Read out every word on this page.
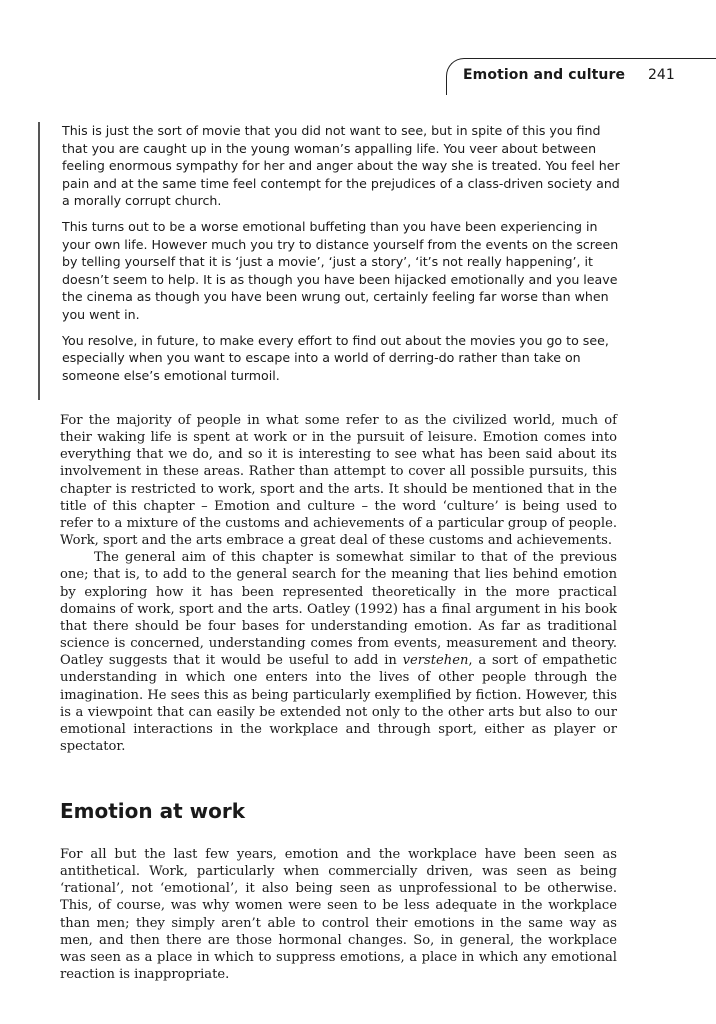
Emotion and culture 241

This is just the sort of movie that you did not want to see, but in spite of this you find that you are caught up in the young woman’s appalling life. You veer about between feeling enormous sympathy for her and anger about the way she is treated. You feel her pain and at the same time feel contempt for the prejudices of a class-driven society and a morally corrupt church.

This turns out to be a worse emotional buffeting than you have been experiencing in your own life. However much you try to distance yourself from the events on the screen by telling yourself that it is ‘just a movie’, ‘just a story’, ‘it’s not really happening’, it doesn’t seem to help. It is as though you have been hijacked emotionally and you leave the cinema as though you have been wrung out, certainly feeling far worse than when you went in.

You resolve, in future, to make every effort to find out about the movies you go to see, especially when you want to escape into a world of derring-do rather than take on someone else’s emotional turmoil.

For the majority of people in what some refer to as the civilized world, much of their waking life is spent at work or in the pursuit of leisure. Emotion comes into everything that we do, and so it is interesting to see what has been said about its involvement in these areas. Rather than attempt to cover all possible pursuits, this chapter is restricted to work, sport and the arts. It should be mentioned that in the title of this chapter – Emotion and culture – the word ‘culture’ is being used to refer to a mixture of the customs and achievements of a particular group of people. Work, sport and the arts embrace a great deal of these customs and achievements.

The general aim of this chapter is somewhat similar to that of the previous one; that is, to add to the general search for the meaning that lies behind emotion by exploring how it has been represented theoretically in the more practical domains of work, sport and the arts. Oatley (1992) has a final argument in his book that there should be four bases for understanding emotion. As far as traditional science is concerned, understanding comes from events, measurement and theory. Oatley suggests that it would be useful to add in verstehen, a sort of empathetic understanding in which one enters into the lives of other people through the imagination. He sees this as being particularly exemplified by fiction. However, this is a viewpoint that can easily be extended not only to the other arts but also to our emotional interactions in the workplace and through sport, either as player or spectator.

Emotion at work

For all but the last few years, emotion and the workplace have been seen as antithetical. Work, particularly when commercially driven, was seen as being ‘rational’, not ‘emotional’, it also being seen as unprofessional to be otherwise. This, of course, was why women were seen to be less adequate in the workplace than men; they simply aren’t able to control their emotions in the same way as men, and then there are those hormonal changes. So, in general, the workplace was seen as a place in which to suppress emotions, a place in which any emotional reaction is inappropriate.
